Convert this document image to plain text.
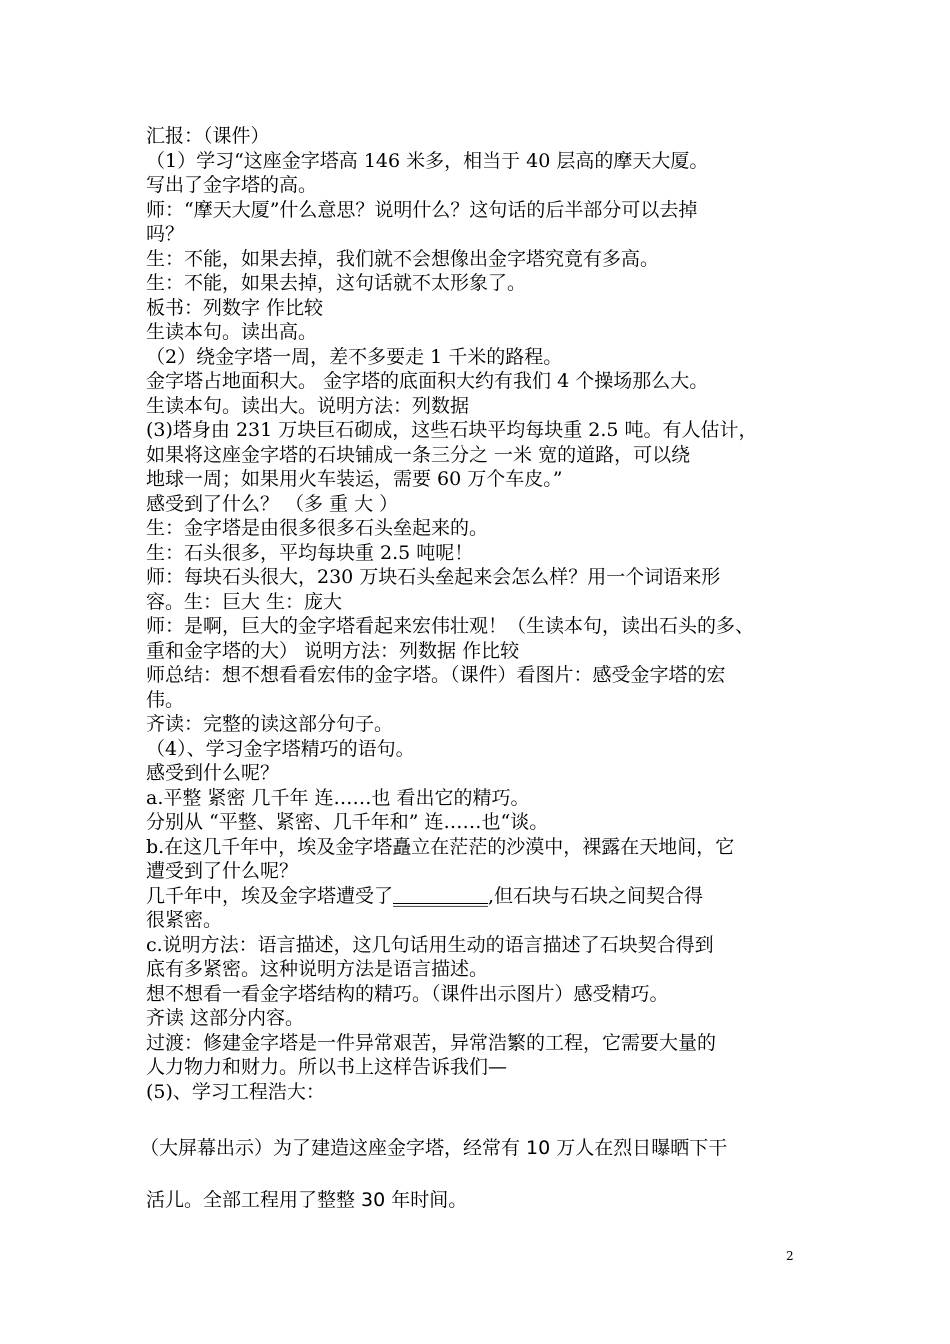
汇报：（课件）

（1）学习“这座金字塔高 146 米多，相当于 40 层高的摩天大厦。

写出了金字塔的高。

师：“摩天大厦”什么意思？说明什么？这句话的后半部分可以去掉

吗？

生：不能，如果去掉，我们就不会想像出金字塔究竟有多高。

生：不能，如果去掉，这句话就不太形象了。

板书：列数字 作比较

生读本句。读出高。

（2）绕金字塔一周，差不多要走 1 千米的路程。

金字塔占地面积大。 金字塔的底面积大约有我们 4 个操场那么大。

生读本句。读出大。说明方法：列数据

(3)塔身由 231 万块巨石砌成，这些石块平均每块重 2.5 吨。有人估计，

如果将这座金字塔的石块铺成一条三分之 一米 宽的道路，可以绕

地球一周；如果用火车装运，需要 60 万个车皮。”

感受到了什么？ （多 重 大 ）

生：金字塔是由很多很多石头垒起来的。

生：石头很多，平均每块重 2.5 吨呢！

师：每块石头很大，230 万块石头垒起来会怎么样？用一个词语来形

容。生：巨大 生：庞大

师：是啊，巨大的金字塔看起来宏伟壮观！（生读本句，读出石头的多、

重和金字塔的大） 说明方法：列数据 作比较

师总结：想不想看看宏伟的金字塔。（课件）看图片：感受金字塔的宏

伟。

齐读：完整的读这部分句子。

（4）、学习金字塔精巧的语句。

感受到什么呢？

a.平整 紧密 几千年 连……也 看出它的精巧。

分别从 “平整、紧密、几千年和” 连……也“谈。

b.在这几千年中，埃及金字塔矗立在茫茫的沙漠中，裸露在天地间，它

遭受到了什么呢？

几千年中，埃及金字塔遭受了__________,但石块与石块之间契合得

很紧密。

c.说明方法：语言描述，这几句话用生动的语言描述了石块契合得到

底有多紧密。这种说明方法是语言描述。

想不想看一看金字塔结构的精巧。（课件出示图片）感受精巧。

齐读 这部分内容。

过渡：修建金字塔是一件异常艰苦，异常浩繁的工程，它需要大量的

人力物力和财力。所以书上这样告诉我们—

(5)、学习工程浩大：

（大屏幕出示）为了建造这座金字塔，经常有 10 万人在烈日曝晒下干
活儿。全部工程用了整整 30 年时间。
2
